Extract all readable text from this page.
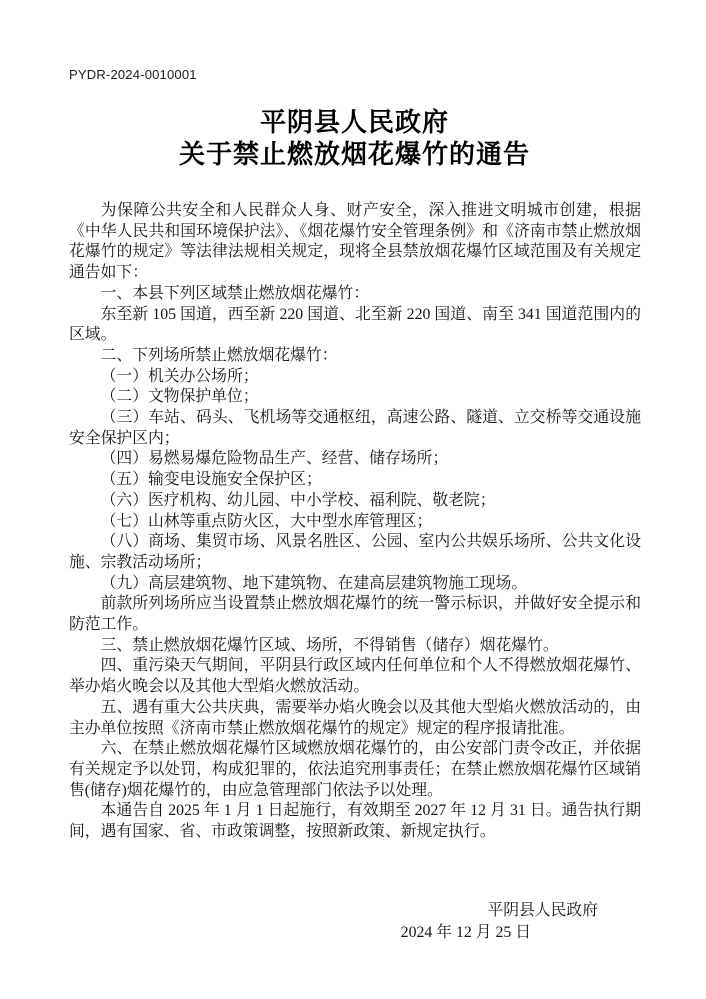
PYDR-2024-0010001
平阴县人民政府
关于禁止燃放烟花爆竹的通告

为保障公共安全和人民群众人身、财产安全，深入推进文明城市创建，根据《中华人民共和国环境保护法》、《烟花爆竹安全管理条例》和《济南市禁止燃放烟花爆竹的规定》等法律法规相关规定，现将全县禁放烟花爆竹区域范围及有关规定通告如下：

一、本县下列区域禁止燃放烟花爆竹：

东至新 105 国道，西至新 220 国道、北至新 220 国道、南至 341 国道范围内的区域。

二、下列场所禁止燃放烟花爆竹：

（一）机关办公场所；

（二）文物保护单位；

（三）车站、码头、飞机场等交通枢纽，高速公路、隧道、立交桥等交通设施安全保护区内；

（四）易燃易爆危险物品生产、经营、储存场所；

（五）输变电设施安全保护区；

（六）医疗机构、幼儿园、中小学校、福利院、敬老院；

（七）山林等重点防火区，大中型水库管理区；

（八）商场、集贸市场、风景名胜区、公园、室内公共娱乐场所、公共文化设施、宗教活动场所；

（九）高层建筑物、地下建筑物、在建高层建筑物施工现场。

前款所列场所应当设置禁止燃放烟花爆竹的统一警示标识，并做好安全提示和防范工作。

三、禁止燃放烟花爆竹区域、场所，不得销售（储存）烟花爆竹。

四、重污染天气期间，平阴县行政区域内任何单位和个人不得燃放烟花爆竹、举办焰火晚会以及其他大型焰火燃放活动。

五、遇有重大公共庆典，需要举办焰火晚会以及其他大型焰火燃放活动的，由主办单位按照《济南市禁止燃放烟花爆竹的规定》规定的程序报请批准。

六、在禁止燃放烟花爆竹区域燃放烟花爆竹的，由公安部门责令改正，并依据有关规定予以处罚，构成犯罪的，依法追究刑事责任；在禁止燃放烟花爆竹区域销售(储存)烟花爆竹的，由应急管理部门依法予以处理。

本通告自 2025 年 1 月 1 日起施行，有效期至 2027 年 12 月 31 日。通告执行期间，遇有国家、省、市政策调整，按照新政策、新规定执行。

平阴县人民政府
2024 年 12 月 25 日
